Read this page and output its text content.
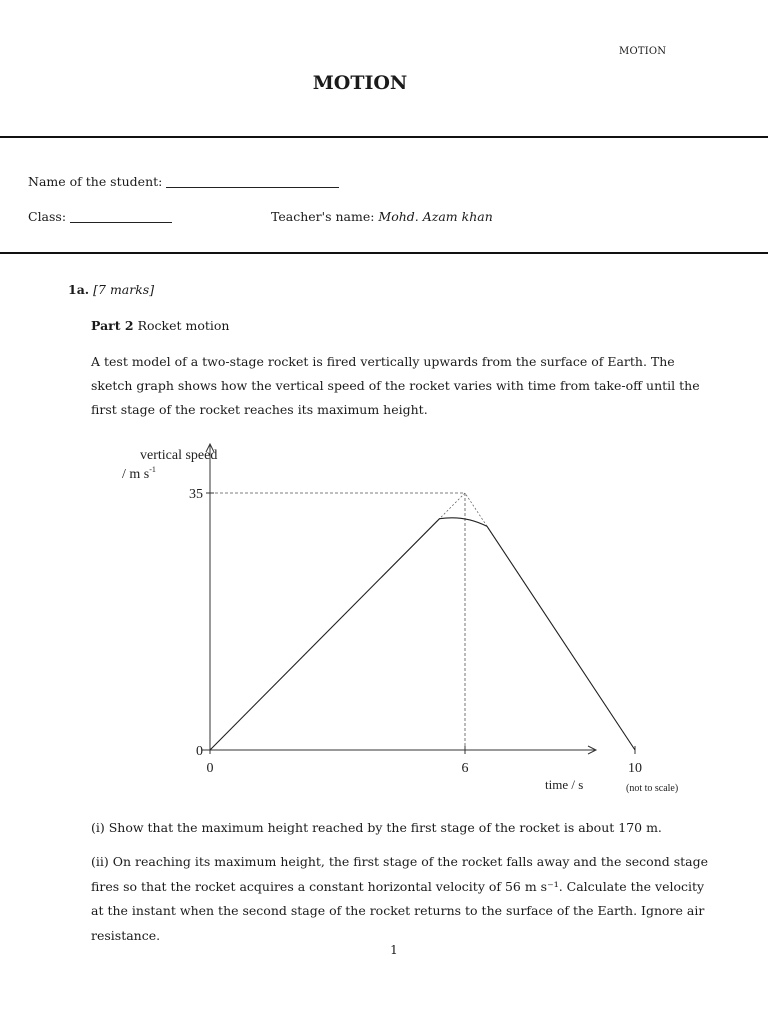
MOTION
MOTION
Name of the student:
Class:	Teacher's name: Mohd. Azam khan
1a. [7 marks]
Part 2 Rocket motion
A test model of a two-stage rocket is fired vertically upwards from the surface of Earth. The sketch graph shows how the vertical speed of the rocket varies with time from take-off until the first stage of the rocket reaches its maximum height.
0	6	10
0
35
vertical speed
/ m $s^{-1}$
time / s	(not to scale)
(i) Show that the maximum height reached by the first stage of the rocket is about 170 m.
(ii) On reaching its maximum height, the first stage of the rocket falls away and the second stage fires so that the rocket acquires a constant horizontal velocity of 56 m s⁻¹. Calculate the velocity at the instant when the second stage of the rocket returns to the surface of the Earth. Ignore air resistance.
1
